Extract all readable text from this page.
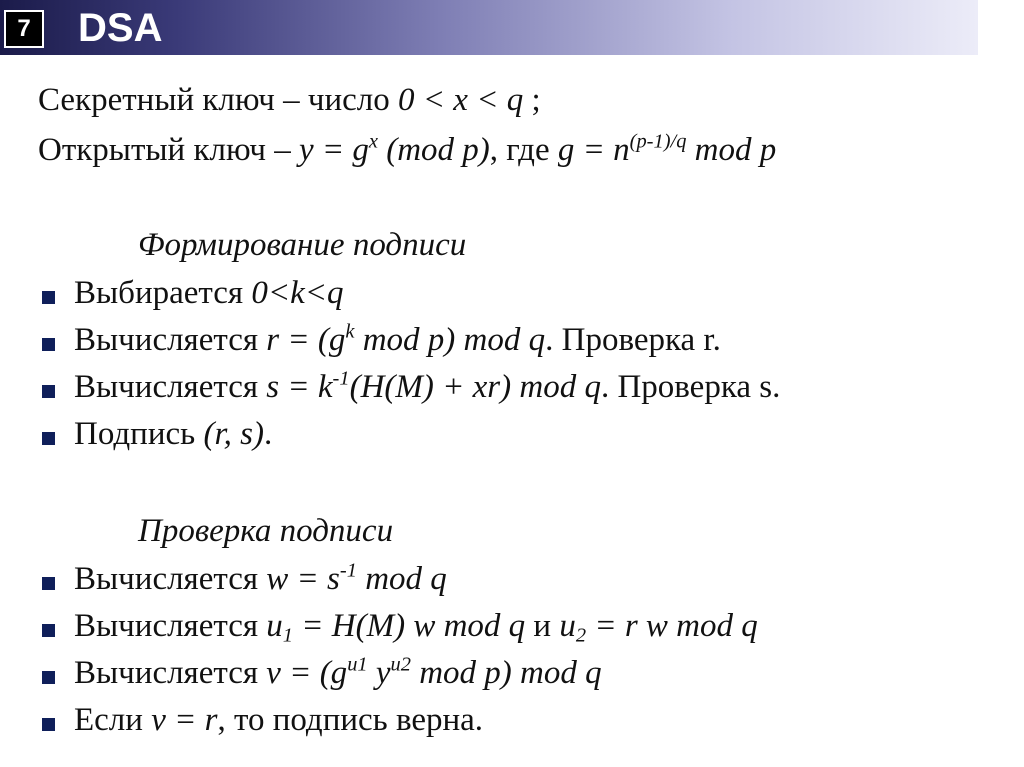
7	DSA
Секретный ключ – число 0 < x < q ;
Открытый ключ – $y = g^x$ (mod p), где $g = n^{(p-1)/q}$ mod p
Формирование подписи
Выбирается 0<k<q
Вычисляется $r = (g^k$ mod p) mod q. Проверка r.
Вычисляется $s = k^{-1}(H(M) + xr)$ mod q. Проверка s.
Подпись (r, s).
Проверка подписи
Вычисляется $w = s^{-1}$ mod q
Вычисляется $u_1 = H(M)$ w mod q и $u_2 = r$ w mod q
Вычисляется $v = (g^{u1}$ $y^{u2}$ mod p) mod q
Если v = r, то подпись верна.
